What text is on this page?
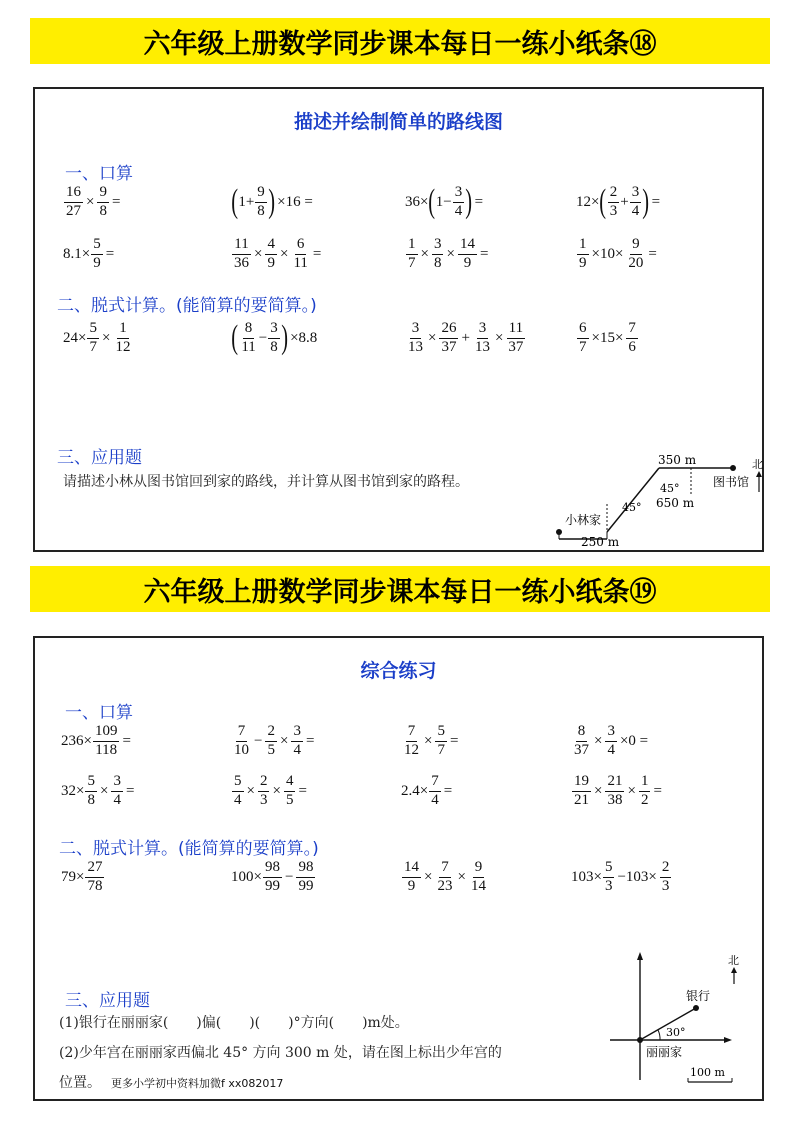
六年级上册数学同步课本每日一练小纸条⑱
描述并绘制简单的路线图
一、口算
$\frac{16}{27} \times \frac{9}{8}$ =	( $1+ \frac{9}{8}$ ) ×16 =	36× ( $1- \frac{3}{4}$ ) =	12× ( $\frac{2}{3} + \frac{3}{4}$ ) =
$8.1\times \frac{5}{9}$ =	$\frac{11}{36} \times \frac{4}{9} \times \frac{6}{11}$ =	$\frac{1}{7} \times \frac{3}{8} \times \frac{14}{9}$ =	$\frac{1}{9} \times 10\times \frac{9}{20}$ =
二、脱式计算。(能简算的要简算。)
$24\times \frac{5}{7} \times \frac{1}{12}$	( $\frac{8}{11} - \frac{3}{8}$ ) ×8.8	$\frac{3}{13} \times \frac{26}{37} + \frac{3}{13} \times \frac{11}{37}$	$\frac{6}{7} \times 15\times \frac{7}{6}$
三、应用题
请描述小林从图书馆回到家的路线，并计算从图书馆到家的路程。
350 m
图书馆
45°
45° 650 m
小林家
250 m
北
六年级上册数学同步课本每日一练小纸条⑲
综合练习
一、口算
$236\times \frac{109}{118}$ =	$\frac{7}{10} - \frac{2}{5} \times \frac{3}{4}$ =	$\frac{7}{12} \times \frac{5}{7}$ =	$\frac{8}{37} \times \frac{3}{4} \times 0$ =
$32\times \frac{5}{8} \times \frac{3}{4}$ =	$\frac{5}{4} \times \frac{2}{3} \times \frac{4}{5}$ =	$2.4\times \frac{7}{4}$ =	$\frac{19}{21} \times \frac{21}{38} \times \frac{1}{2}$ =
二、脱式计算。(能简算的要简算。)
$79\times \frac{27}{78}$	$100\times \frac{98}{99} - \frac{98}{99}$	$\frac{14}{9} \times \frac{7}{23} \times \frac{9}{14}$	$103\times \frac{5}{3} -103\times \frac{2}{3}$
三、应用题
(1)银行在丽丽家(　　)偏(　　)(　　)°方向(　　)m处。
(2)少年宫在丽丽家西偏北 45° 方向 300 m 处，请在图上标出少年宫的
位置。 更多小学初中资料加微f xx082017
银行
30°
丽丽家
北
100 m
